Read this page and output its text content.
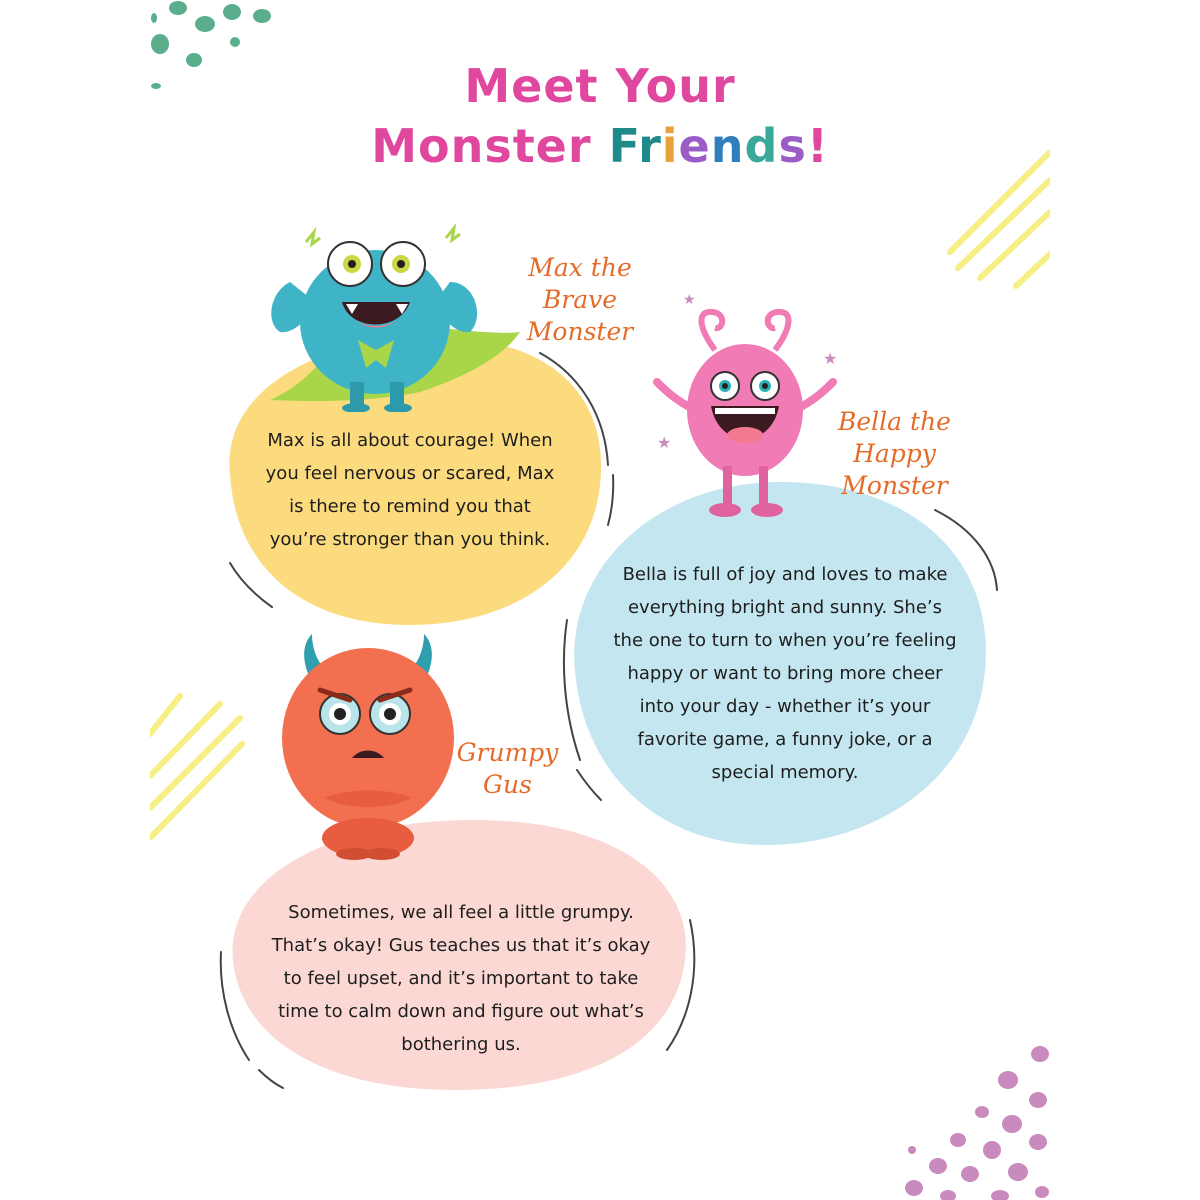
Meet Your
Monster Friends!
Max the
Brave Monster
Max is all about courage! When
you feel nervous or scared, Max
is there to remind you that
you’re stronger than you think.
★
★
★
Bella the
Happy Monster
Bella is full of joy and loves to make
everything bright and sunny. She’s
the one to turn to when you’re feeling
happy or want to bring more cheer
into your day - whether it’s your
favorite game, a funny joke, or a
special memory.
Grumpy
Gus
Sometimes, we all feel a little grumpy.
That’s okay! Gus teaches us that it’s okay
to feel upset, and it’s important to take
time to calm down and figure out what’s
bothering us.
